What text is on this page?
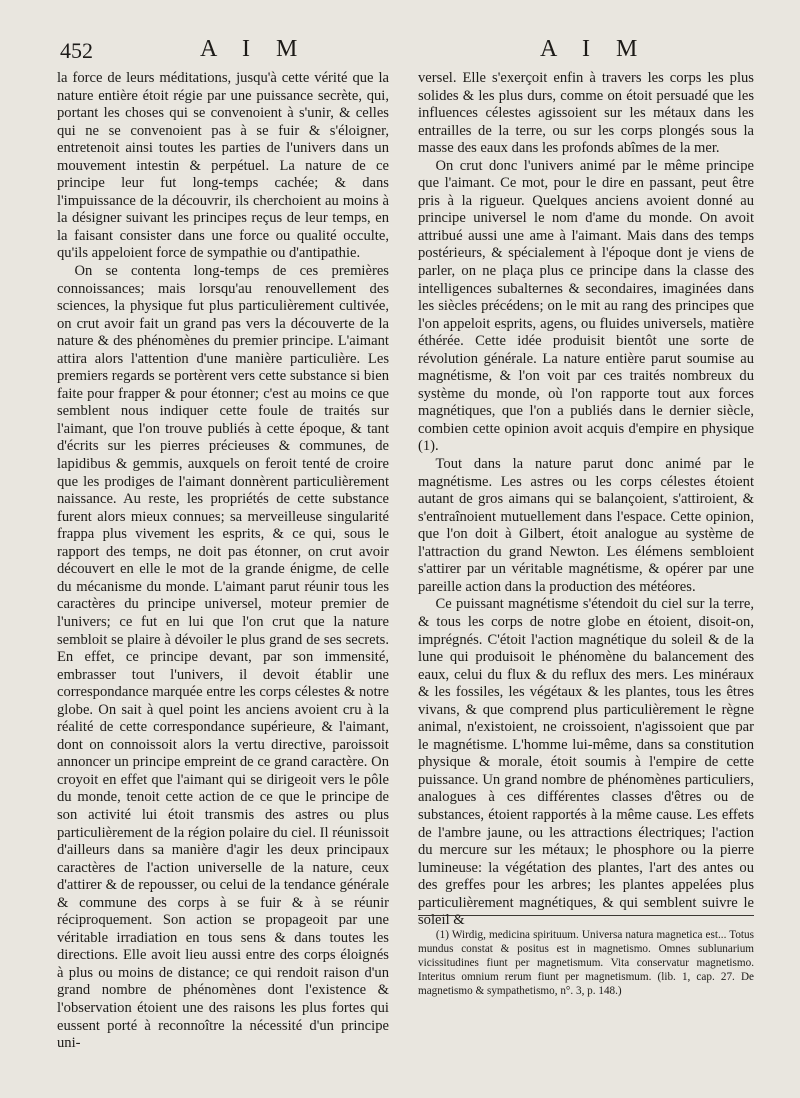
452	A I M	A I M

la force de leurs méditations, jusqu'à cette vérité que la nature entière étoit régie par une puissance secrète, qui, portant les choses qui se convenoient à s'unir, & celles qui ne se convenoient pas à se fuir & s'éloigner, entretenoit ainsi toutes les parties de l'univers dans un mouvement intestin & perpétuel. La nature de ce principe leur fut long-temps cachée; & dans l'impuissance de la découvrir, ils cherchoient au moins à la désigner suivant les principes reçus de leur temps, en la faisant consister dans une force ou qualité occulte, qu'ils appeloient force de sympathie ou d'antipathie.

On se contenta long-temps de ces premières connoissances; mais lorsqu'au renouvellement des sciences, la physique fut plus particulièrement cultivée, on crut avoir fait un grand pas vers la découverte de la nature & des phénomènes du premier principe. L'aimant attira alors l'attention d'une manière particulière. Les premiers regards se portèrent vers cette substance si bien faite pour frapper & pour étonner; c'est au moins ce que semblent nous indiquer cette foule de traités sur l'aimant, que l'on trouve publiés à cette époque, & tant d'écrits sur les pierres précieuses & communes, de lapidibus & gemmis, auxquels on feroit tenté de croire que les prodiges de l'aimant donnèrent particulièrement naissance. Au reste, les propriétés de cette substance furent alors mieux connues; sa merveilleuse singularité frappa plus vivement les esprits, & ce qui, sous le rapport des temps, ne doit pas étonner, on crut avoir découvert en elle le mot de la grande énigme, de celle du mécanisme du monde. L'aimant parut réunir tous les caractères du principe universel, moteur premier de l'univers; ce fut en lui que l'on crut que la nature sembloit se plaire à dévoiler le plus grand de ses secrets. En effet, ce principe devant, par son immensité, embrasser tout l'univers, il devoit établir une correspondance marquée entre les corps célestes & notre globe. On sait à quel point les anciens avoient cru à la réalité de cette correspondance supérieure, & l'aimant, dont on connoissoit alors la vertu directive, paroissoit annoncer un principe empreint de ce grand caractère. On croyoit en effet que l'aimant qui se dirigeoit vers le pôle du monde, tenoit cette action de ce que le principe de son activité lui étoit transmis des astres ou plus particulièrement de la région polaire du ciel. Il réunissoit d'ailleurs dans sa manière d'agir les deux principaux caractères de l'action universelle de la nature, ceux d'attirer & de repousser, ou celui de la tendance générale & commune des corps à se fuir & à se réunir réciproquement. Son action se propageoit par une véritable irradiation en tous sens & dans toutes les directions. Elle avoit lieu aussi entre des corps éloignés à plus ou moins de distance; ce qui rendoit raison d'un grand nombre de phénomènes dont l'existence & l'observation étoient une des raisons les plus fortes qui eussent porté à reconnoître la nécessité d'un principe uni-

versel. Elle s'exerçoit enfin à travers les corps les plus solides & les plus durs, comme on étoit persuadé que les influences célestes agissoient sur les métaux dans les entrailles de la terre, ou sur les corps plongés sous la masse des eaux dans les profonds abîmes de la mer.

On crut donc l'univers animé par le même principe que l'aimant. Ce mot, pour le dire en passant, peut être pris à la rigueur. Quelques anciens avoient donné au principe universel le nom d'ame du monde. On avoit attribué aussi une ame à l'aimant. Mais dans des temps postérieurs, & spécialement à l'époque dont je viens de parler, on ne plaça plus ce principe dans la classe des intelligences subalternes & secondaires, imaginées dans les siècles précédens; on le mit au rang des principes que l'on appeloit esprits, agens, ou fluides universels, matière éthérée. Cette idée produisit bientôt une sorte de révolution générale. La nature entière parut soumise au magnétisme, & l'on voit par ces traités nombreux du système du monde, où l'on rapporte tout aux forces magnétiques, que l'on a publiés dans le dernier siècle, combien cette opinion avoit acquis d'empire en physique (1).

Tout dans la nature parut donc animé par le magnétisme. Les astres ou les corps célestes étoient autant de gros aimans qui se balançoient, s'attiroient, & s'entraînoient mutuellement dans l'espace. Cette opinion, que l'on doit à Gilbert, étoit analogue au système de l'attraction du grand Newton. Les élémens sembloient s'attirer par un véritable magnétisme, & opérer par une pareille action dans la production des météores.

Ce puissant magnétisme s'étendoit du ciel sur la terre, & tous les corps de notre globe en étoient, disoit-on, imprégnés. C'étoit l'action magnétique du soleil & de la lune qui produisoit le phénomène du balancement des eaux, celui du flux & du reflux des mers. Les minéraux & les fossiles, les végétaux & les plantes, tous les êtres vivans, & que comprend plus particulièrement le règne animal, n'existoient, ne croissoient, n'agissoient que par le magnétisme. L'homme lui-même, dans sa constitution physique & morale, étoit soumis à l'empire de cette puissance. Un grand nombre de phénomènes particuliers, analogues à ces différentes classes d'êtres ou de substances, étoient rapportés à la même cause. Les effets de l'ambre jaune, ou les attractions électriques; l'action du mercure sur les métaux; le phosphore ou la pierre lumineuse: la végétation des plantes, l'art des antes ou des greffes pour les arbres; les plantes appelées plus particulièrement magnétiques, & qui semblent suivre le soleil &

(1) Wirdig, medicina spirituum. Universa natura magnetica est... Totus mundus constat & positus est in magnetismo. Omnes sublunarium vicissitudines fiunt per magnetismum. Vita conservatur magnetismo. Interitus omnium rerum fiunt per magnetismum. (lib. 1, cap. 27. De magnetismo & sympathetismo, n°. 3, p. 148.)
